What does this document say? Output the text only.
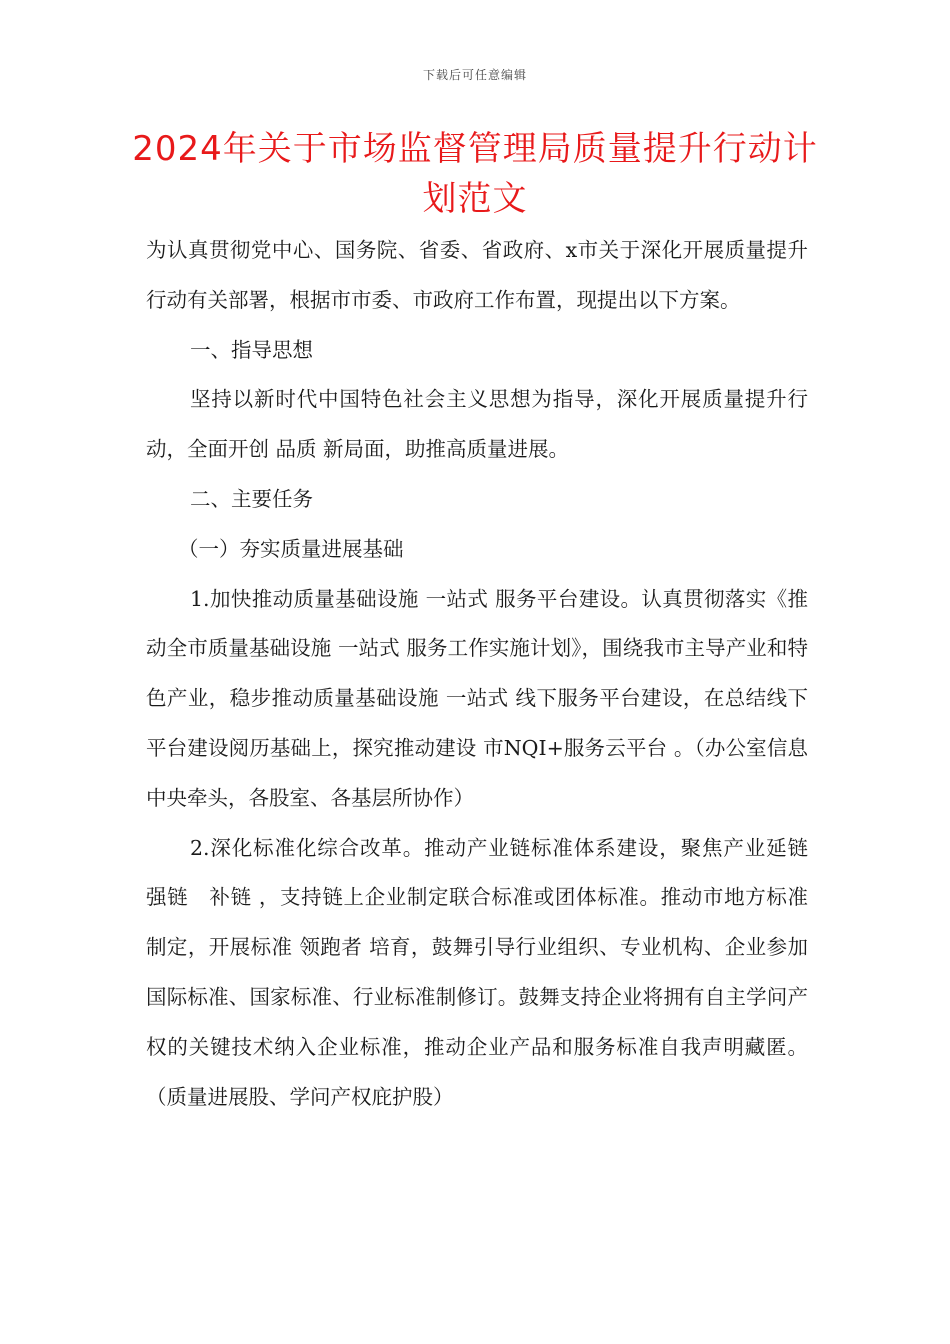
下载后可任意编辑
2024年关于市场监督管理局质量提升行动计划范文

为认真贯彻党中心、国务院、省委、省政府、x市关于深化开展质量提升行动有关部署，根据市市委、市政府工作布置，现提出以下方案。

一、指导思想

坚持以新时代中国特色社会主义思想为指导，深化开展质量提升行动，全面开创 品质 新局面，助推高质量进展。

二、主要任务

（一）夯实质量进展基础

1.加快推动质量基础设施 一站式 服务平台建设。认真贯彻落实《推动全市质量基础设施 一站式 服务工作实施计划》，围绕我市主导产业和特色产业，稳步推动质量基础设施 一站式 线下服务平台建设，在总结线下平台建设阅历基础上，探究推动建设 市NQI+服务云平台 。（办公室信息中央牵头，各股室、各基层所协作）

2.深化标准化综合改革。推动产业链标准体系建设，聚焦产业延链　强链　补链 ，支持链上企业制定联合标准或团体标准。推动市地方标准制定，开展标准 领跑者 培育，鼓舞引导行业组织、专业机构、企业参加国际标准、国家标准、行业标准制修订。鼓舞支持企业将拥有自主学问产权的关键技术纳入企业标准，推动企业产品和服务标准自我声明藏匿。（质量进展股、学问产权庇护股）
